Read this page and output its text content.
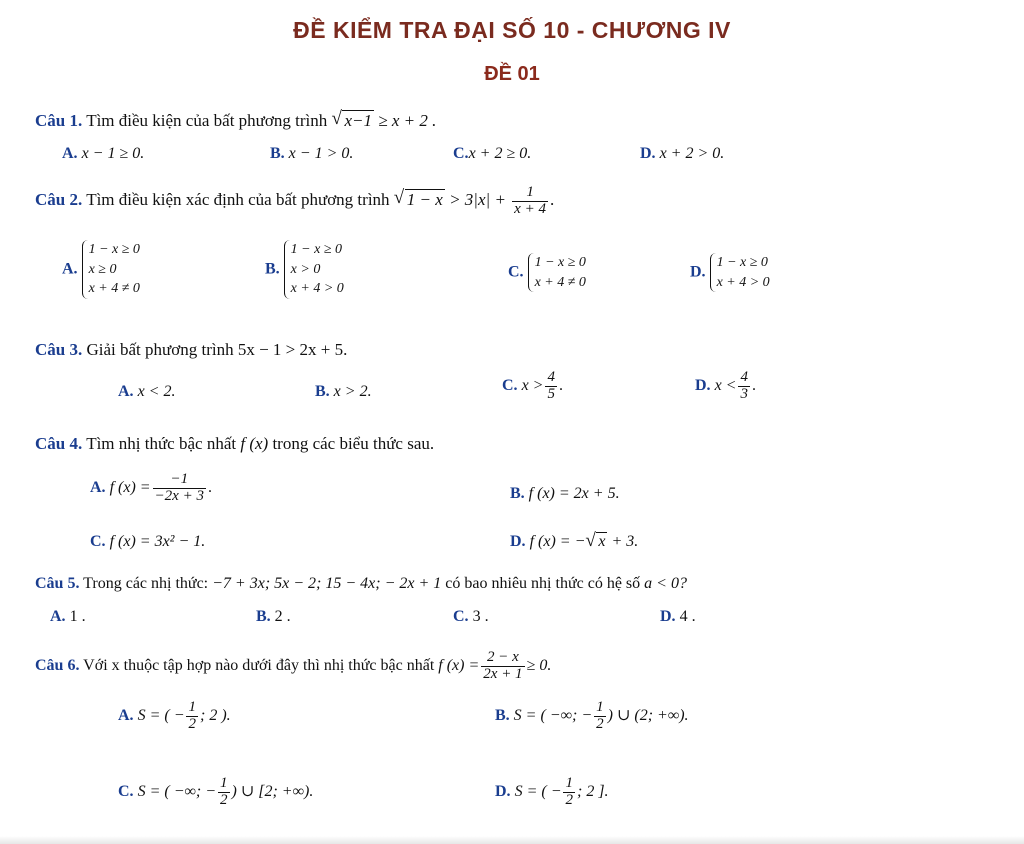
ĐỀ KIỂM TRA ĐẠI SỐ 10 - CHƯƠNG IV
ĐỀ 01
Câu 1. Tìm điều kiện của bất phương trình √ x−1 ≥ x + 2 .
A. x − 1 ≥ 0.	B. x − 1 > 0.	C.x + 2 ≥ 0.	D. x + 2 > 0.
Câu 2. Tìm điều kiện xác định của bất phương trình √ $1 - x > 3|x| + \frac{1}{x + 4}$ .
A.
1 − x ≥ 0
x ≥ 0
x + 4 ≠ 0
B.
1 − x ≥ 0
x > 0
x + 4 > 0
C.
1 − x ≥ 0
x + 4 ≠ 0
D.
1 − x ≥ 0
x + 4 > 0
Câu 3. Giải bất phương trình 5x − 1 > 2x + 5.
A. x < 2.	B. x > 2.	C. $x > \frac{4}{5}$ .	D. $x < \frac{4}{3}$ .
Câu 4. Tìm nhị thức bậc nhất f (x) trong các biểu thức sau.
A. f $(x) = \frac{-1}{-2x + 3}$ .	B. f (x) = 2x + 5.
C. f (x) = 3x² − 1.	D. f (x) = − √ x + 3.
Câu 5. Trong các nhị thức: −7 + 3x; 5x − 2; 15 − 4x; − 2x + 1 có bao nhiêu nhị thức có hệ số a < 0?
A. 1 .	B. 2 .	C. 3 .	D. 4 .
Câu 6. Với x thuộc tập hợp nào dưới đây thì nhị thức bậc nhất f $(x) = \frac{2 - x}{2x + 1} \ge 0$.
A. S = ( − $\frac{1}{2}$ ; 2 ).	B. S = ( −∞; − $\frac{1}{2}$ ) ∪ (2; +∞).
C. S = ( −∞; − $\frac{1}{2}$ ) ∪ [2; +∞).	D. S = ( − $\frac{1}{2}$ ; 2 ].
